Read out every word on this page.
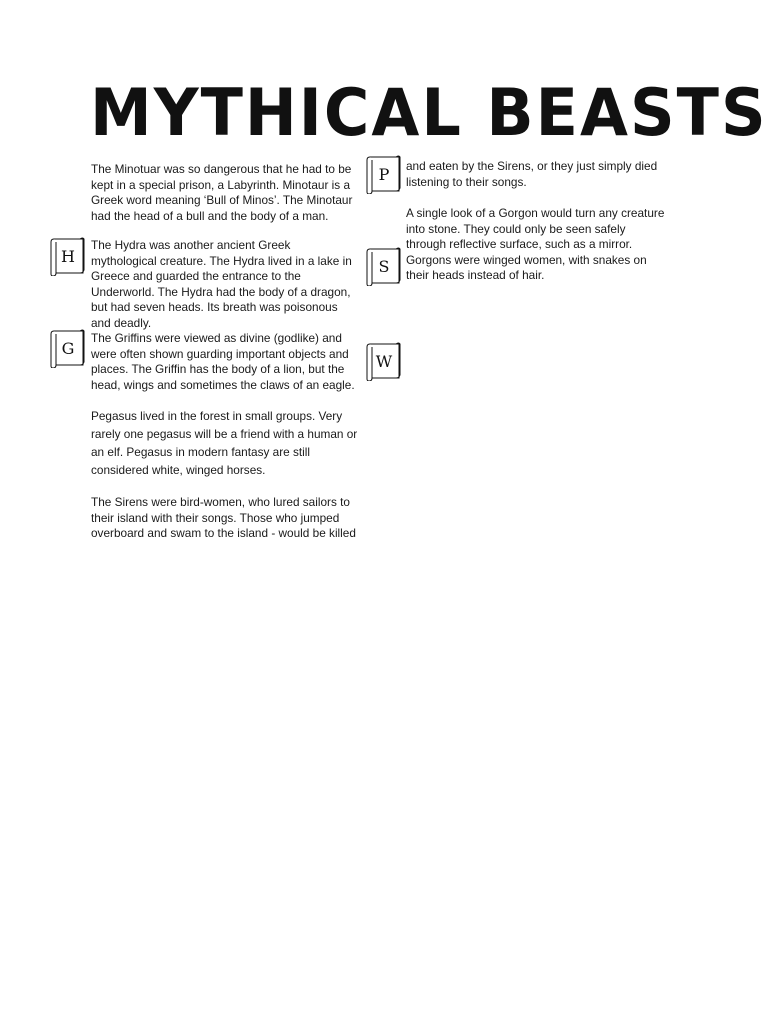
MYTHICAL BEASTS

The Minotuar was so dangerous that he had to be kept in a special prison, a Labyrinth. Minotaur is a Greek word meaning ‘Bull of Minos’. The Minotaur had the head of a bull and the body of a man.

The Hydra was another ancient Greek mythological creature. The Hydra lived in a lake in Greece and guarded the entrance to the Underworld. The Hydra had the body of a dragon, but had seven heads. Its breath was poisonous and deadly.

The Griffins were viewed as divine (godlike) and were often shown guarding important objects and places. The Griffin has the body of a lion, but the head, wings and sometimes the claws of an eagle.

Pegasus lived in the forest in small groups. Very rarely one pegasus will be a friend with a human or an elf. Pegasus in modern fantasy are still considered white, winged horses.

The Sirens were bird-women, who lured sailors to their island with their songs. Those who jumped overboard and swam to the island - would be killed

and eaten by the Sirens, or they just simply died listening to their songs.

A single look of a Gorgon would turn any creature into stone. They could only be seen safely through reflective surface, such as a mirror. Gorgons were winged women, with snakes on their heads instead of hair.

H
G
P
S
W
